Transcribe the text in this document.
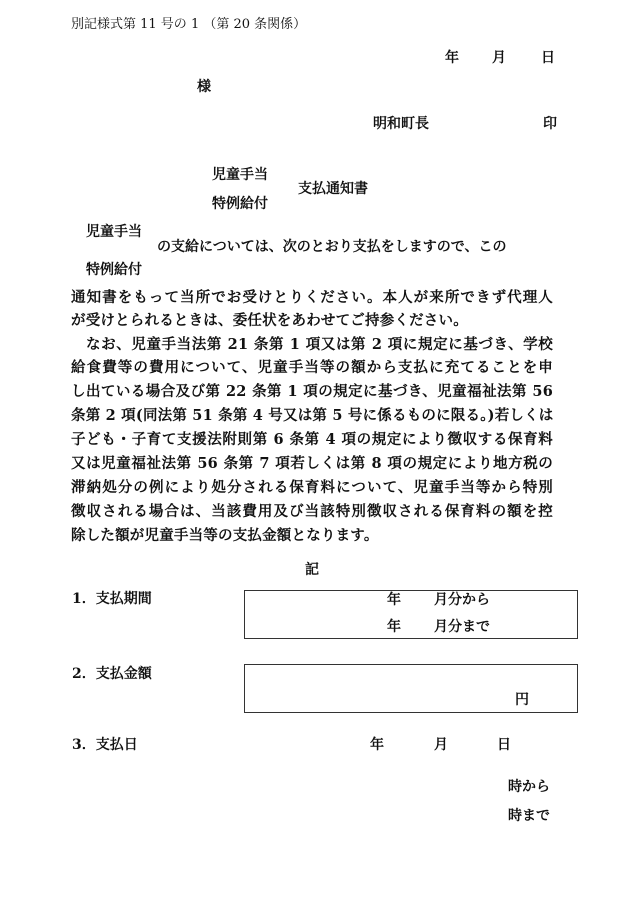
別記様式第 11 号の 1 （第 20 条関係）
年 月	日
様
明和町長	印
児童手当
特例給付
支払通知書
児童手当
の支給については、次のとおり支払をしますので、この
特例給付
通知書をもって当所でお受けとりください。本人が来所できず代理人
が受けとられるときは、委任状をあわせてご持参ください。
なお、児童手当法第 21 条第 1 項又は第 2 項に規定に基づき、学校
給食費等の費用について、児童手当等の額から支払に充てることを申
し出ている場合及び第 22 条第 1 項の規定に基づき、児童福祉法第 56
条第 2 項(同法第 51 条第 4 号又は第 5 号に係るものに限る。)若しくは
子ども・子育て支援法附則第 6 条第 4 項の規定により徴収する保育料
又は児童福祉法第 56 条第 7 項若しくは第 8 項の規定により地方税の
滞納処分の例により処分される保育料について、児童手当等から特別
徴収される場合は、当該費用及び当該特別徴収される保育料の額を控
除した額が児童手当等の支払金額となります。
記
1．支払期間	年 月分から
年 月分まで
2．支払金額
円
3．支払日	年	月	日
時から
時まで
